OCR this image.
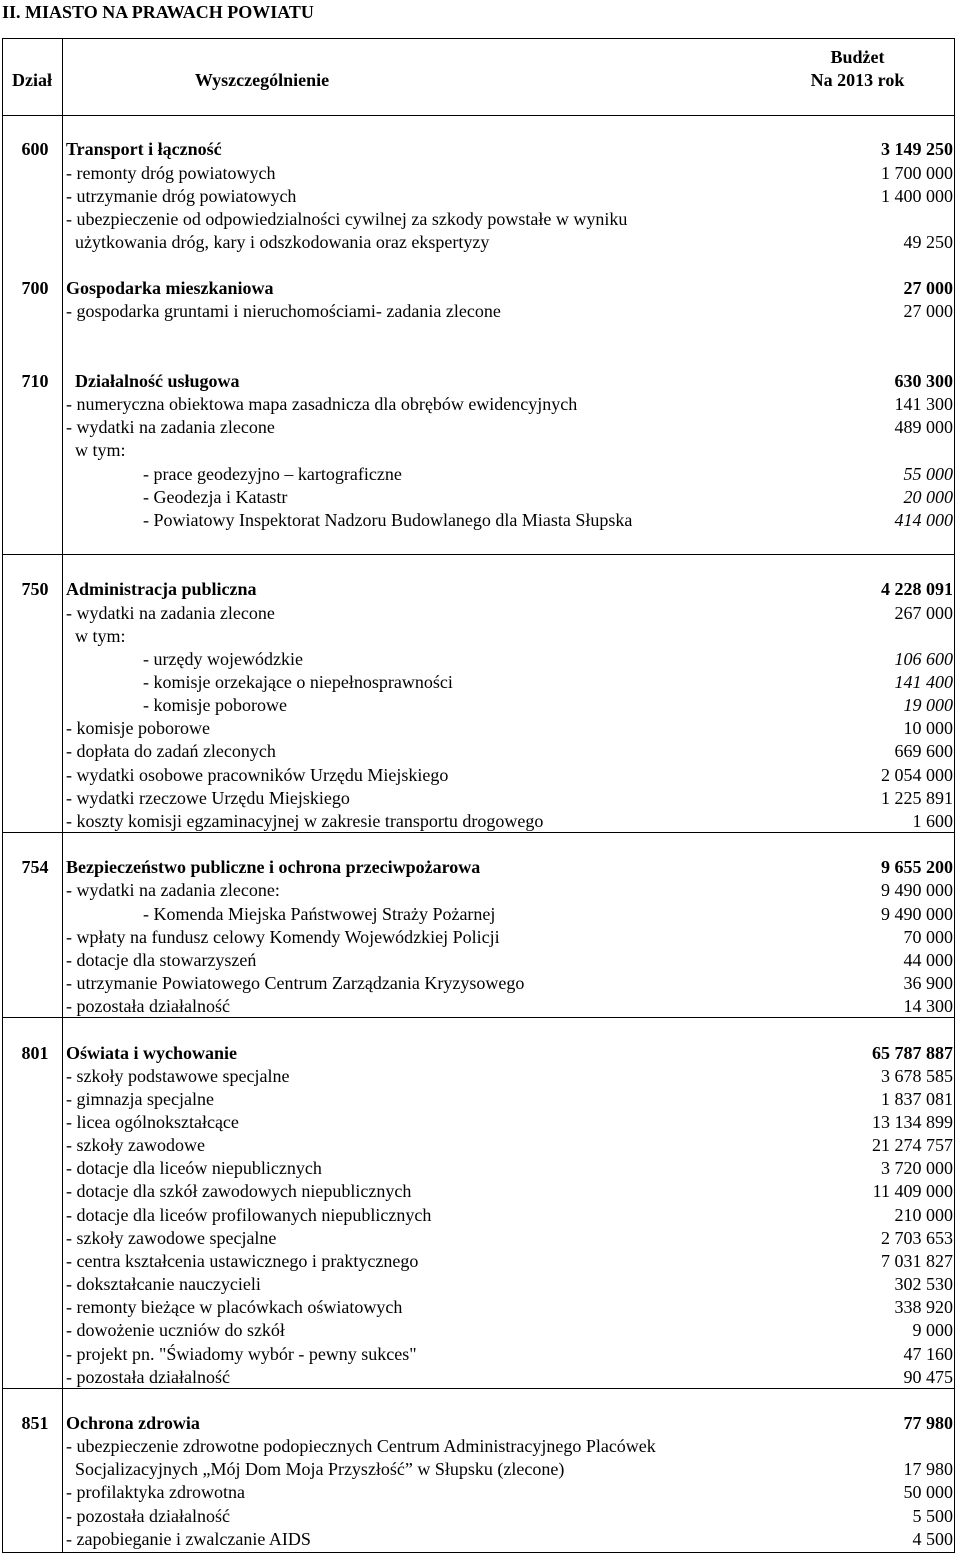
II. MIASTO NA PRAWACH POWIATU
Dział	Wyszczególnienie
Budżet
Na 2013 rok
600 Transport i łączność	3 149 250
- remonty dróg powiatowych	1 700 000
- utrzymanie dróg powiatowych	1 400 000
- ubezpieczenie od odpowiedzialności cywilnej za szkody powstałe w wyniku
użytkowania dróg, kary i odszkodowania oraz ekspertyzy	49 250
700 Gospodarka mieszkaniowa	27 000
- gospodarka gruntami i nieruchomościami- zadania zlecone	27 000
710	Działalność usługowa	630 300
- numeryczna obiektowa mapa zasadnicza dla obrębów ewidencyjnych	141 300
- wydatki na zadania zlecone	489 000
w tym:
- prace geodezyjno – kartograficzne	55 000
- Geodezja i Katastr	20 000
- Powiatowy Inspektorat Nadzoru Budowlanego dla Miasta Słupska	414 000
750 Administracja publiczna	4 228 091
- wydatki na zadania zlecone	267 000
w tym:
- urzędy wojewódzkie	106 600
- komisje orzekające o niepełnosprawności	141 400
- komisje poborowe	19 000
- komisje poborowe	10 000
- dopłata do zadań zleconych	669 600
- wydatki osobowe pracowników Urzędu Miejskiego	2 054 000
- wydatki rzeczowe Urzędu Miejskiego	1 225 891
- koszty komisji egzaminacyjnej w zakresie transportu drogowego	1 600
754 Bezpieczeństwo publiczne i ochrona przeciwpożarowa	9 655 200
- wydatki na zadania zlecone:	9 490 000
- Komenda Miejska Państwowej Straży Pożarnej	9 490 000
- wpłaty na fundusz celowy Komendy Wojewódzkiej Policji	70 000
- dotacje dla stowarzyszeń	44 000
- utrzymanie Powiatowego Centrum Zarządzania Kryzysowego	36 900
- pozostała działalność	14 300
801 Oświata i wychowanie	65 787 887
- szkoły podstawowe specjalne	3 678 585
- gimnazja specjalne	1 837 081
- licea ogólnokształcące	13 134 899
- szkoły zawodowe	21 274 757
- dotacje dla liceów niepublicznych	3 720 000
- dotacje dla szkół zawodowych niepublicznych	11 409 000
- dotacje dla liceów profilowanych niepublicznych	210 000
- szkoły zawodowe specjalne	2 703 653
- centra kształcenia ustawicznego i praktycznego	7 031 827
- dokształcanie nauczycieli	302 530
- remonty bieżące w placówkach oświatowych	338 920
- dowożenie uczniów do szkół	9 000
- projekt pn. "Świadomy wybór - pewny sukces"	47 160
- pozostała działalność	90 475
851 Ochrona zdrowia	77 980
- ubezpieczenie zdrowotne podopiecznych Centrum Administracyjnego Placówek
Socjalizacyjnych „Mój Dom Moja Przyszłość” w Słupsku (zlecone)	17 980
- profilaktyka zdrowotna	50 000
- pozostała działalność	5 500
- zapobieganie i zwalczanie AIDS	4 500
